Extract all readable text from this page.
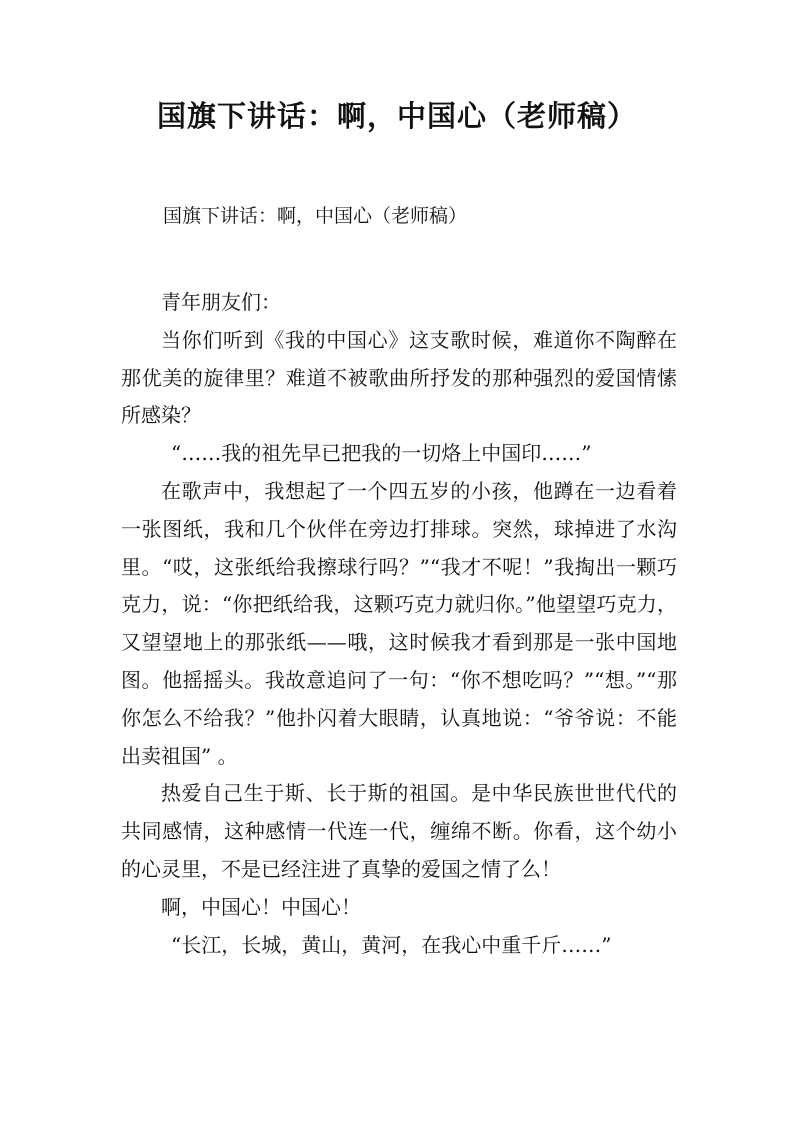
国旗下讲话：啊，中国心（老师稿）

国旗下讲话：啊，中国心（老师稿）

青年朋友们：

当你们听到《我的中国心》这支歌时候，难道你不陶醉在那优美的旋律里？难道不被歌曲所抒发的那种强烈的爱国情愫所感染？

“……我的祖先早已把我的一切烙上中国印……”

在歌声中，我想起了一个四五岁的小孩，他蹲在一边看着一张图纸，我和几个伙伴在旁边打排球。突然，球掉进了水沟里。“哎，这张纸给我擦球行吗？”“我才不呢！”我掏出一颗巧克力，说：“你把纸给我，这颗巧克力就归你。”他望望巧克力，又望望地上的那张纸——哦，这时候我才看到那是一张中国地图。他摇摇头。我故意追问了一句：“你不想吃吗？”“想。”“那你怎么不给我？”他扑闪着大眼睛，认真地说：“爷爷说：不能出卖祖国” 。

热爱自己生于斯、长于斯的祖国。是中华民族世世代代的共同感情，这种感情一代连一代，缠绵不断。你看，这个幼小的心灵里，不是已经注进了真挚的爱国之情了么！

啊，中国心！中国心！

“长江，长城，黄山，黄河，在我心中重千斤……”
